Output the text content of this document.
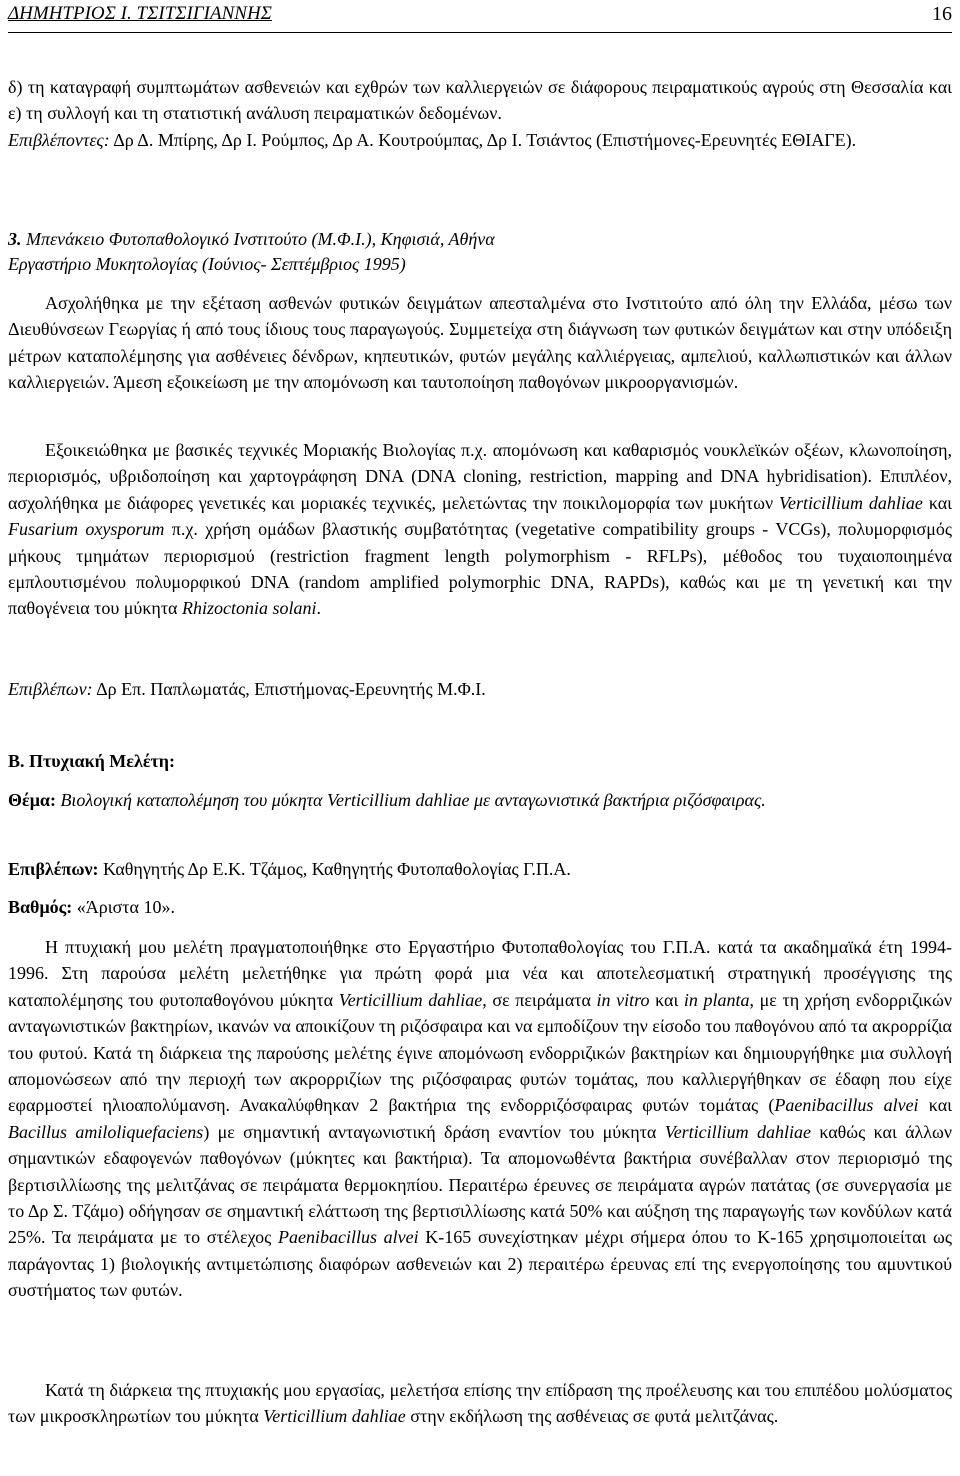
ΔΗΜΗΤΡΙΟΣ Ι. ΤΣΙΤΣΙΓΙΑΝΝΗΣ	16

δ) τη καταγραφή συμπτωμάτων ασθενειών και εχθρών των καλλιεργειών σε διάφορους πειραματικούς αγρούς στη Θεσσαλία και ε) τη συλλογή και τη στατιστική ανάλυση πειραματικών δεδομένων.
Επιβλέποντες: Δρ Δ. Μπίρης, Δρ Ι. Ρούμπος, Δρ Α. Κουτρούμπας, Δρ Ι. Τσιάντος (Επιστήμονες-Ερευνητές ΕΘΙΑΓΕ).

3. Μπενάκειο Φυτοπαθολογικό Ινστιτούτο (Μ.Φ.Ι.), Κηφισιά, Αθήνα
Εργαστήριο Μυκητολογίας (Ιούνιος- Σεπτέμβριος 1995)

Ασχολήθηκα με την εξέταση ασθενών φυτικών δειγμάτων απεσταλμένα στο Ινστιτούτο από όλη την Ελλάδα, μέσω των Διευθύνσεων Γεωργίας ή από τους ίδιους τους παραγωγούς. Συμμετείχα στη διάγνωση των φυτικών δειγμάτων και στην υπόδειξη μέτρων καταπολέμησης για ασθένειες δένδρων, κηπευτικών, φυτών μεγάλης καλλιέργειας, αμπελιού, καλλωπιστικών και άλλων καλλιεργειών. Άμεση εξοικείωση με την απομόνωση και ταυτοποίηση παθογόνων μικροοργανισμών.

Εξοικειώθηκα με βασικές τεχνικές Μοριακής Βιολογίας π.χ. απομόνωση και καθαρισμός νουκλεϊκών οξέων, κλωνοποίηση, περιορισμός, υβριδοποίηση και χαρτογράφηση DNA (DNA cloning, restriction, mapping and DNA hybridisation). Επιπλέον, ασχολήθηκα με διάφορες γενετικές και μοριακές τεχνικές, μελετώντας την ποικιλομορφία των μυκήτων Verticillium dahliae και Fusarium oxysporum π.χ. χρήση ομάδων βλαστικής συμβατότητας (vegetative compatibility groups - VCGs), πολυμορφισμός μήκους τμημάτων περιορισμού (restriction fragment length polymorphism - RFLPs), μέθοδος του τυχαιοποιημένα εμπλουτισμένου πολυμορφικού DNA (random amplified polymorphic DNA, RAPDs), καθώς και με τη γενετική και την παθογένεια του μύκητα Rhizoctonia solani.

Επιβλέπων: Δρ Επ. Παπλωματάς, Επιστήμονας-Ερευνητής Μ.Φ.Ι.

Β. Πτυχιακή Μελέτη:

Θέμα: Βιολογική καταπολέμηση του μύκητα Verticillium dahliae με ανταγωνιστικά βακτήρια ριζόσφαιρας.

Επιβλέπων: Καθηγητής Δρ Ε.Κ. Τζάμος, Καθηγητής Φυτοπαθολογίας Γ.Π.Α.

Βαθμός: «Άριστα 10».

Η πτυχιακή μου μελέτη πραγματοποιήθηκε στο Εργαστήριο Φυτοπαθολογίας του Γ.Π.Α. κατά τα ακαδημαϊκά έτη 1994-1996. Στη παρούσα μελέτη μελετήθηκε για πρώτη φορά μια νέα και αποτελεσματική στρατηγική προσέγγισης της καταπολέμησης του φυτοπαθογόνου μύκητα Verticillium dahliae, σε πειράματα in vitro και in planta, με τη χρήση ενδορριζικών ανταγωνιστικών βακτηρίων, ικανών να αποικίζουν τη ριζόσφαιρα και να εμποδίζουν την είσοδο του παθογόνου από τα ακρορρίζια του φυτού. Κατά τη διάρκεια της παρούσης μελέτης έγινε απομόνωση ενδορριζικών βακτηρίων και δημιουργήθηκε μια συλλογή απομονώσεων από την περιοχή των ακρορριζίων της ριζόσφαιρας φυτών τομάτας, που καλλιεργήθηκαν σε έδαφη που είχε εφαρμοστεί ηλιοαπολύμανση. Ανακαλύφθηκαν 2 βακτήρια της ενδορριζόσφαιρας φυτών τομάτας (Paenibacillus alvei και Bacillus amiloliquefaciens) με σημαντική ανταγωνιστική δράση εναντίον του μύκητα Verticillium dahliae καθώς και άλλων σημαντικών εδαφογενών παθογόνων (μύκητες και βακτήρια). Τα απομονωθέντα βακτήρια συνέβαλλαν στον περιορισμό της βερτισιλλίωσης της μελιτζάνας σε πειράματα θερμοκηπίου. Περαιτέρω έρευνες σε πειράματα αγρών πατάτας (σε συνεργασία με το Δρ Σ. Τζάμο) οδήγησαν σε σημαντική ελάττωση της βερτισιλλίωσης κατά 50% και αύξηση της παραγωγής των κονδύλων κατά 25%. Τα πειράματα με το στέλεχος Paenibacillus alvei K-165 συνεχίστηκαν μέχρι σήμερα όπου το K-165 χρησιμοποιείται ως παράγοντας 1) βιολογικής αντιμετώπισης διαφόρων ασθενειών και 2) περαιτέρω έρευνας επί της ενεργοποίησης του αμυντικού συστήματος των φυτών.

Κατά τη διάρκεια της πτυχιακής μου εργασίας, μελετήσα επίσης την επίδραση της προέλευσης και του επιπέδου μολύσματος των μικροσκληρωτίων του μύκητα Verticillium dahliae στην εκδήλωση της ασθένειας σε φυτά μελιτζάνας.
